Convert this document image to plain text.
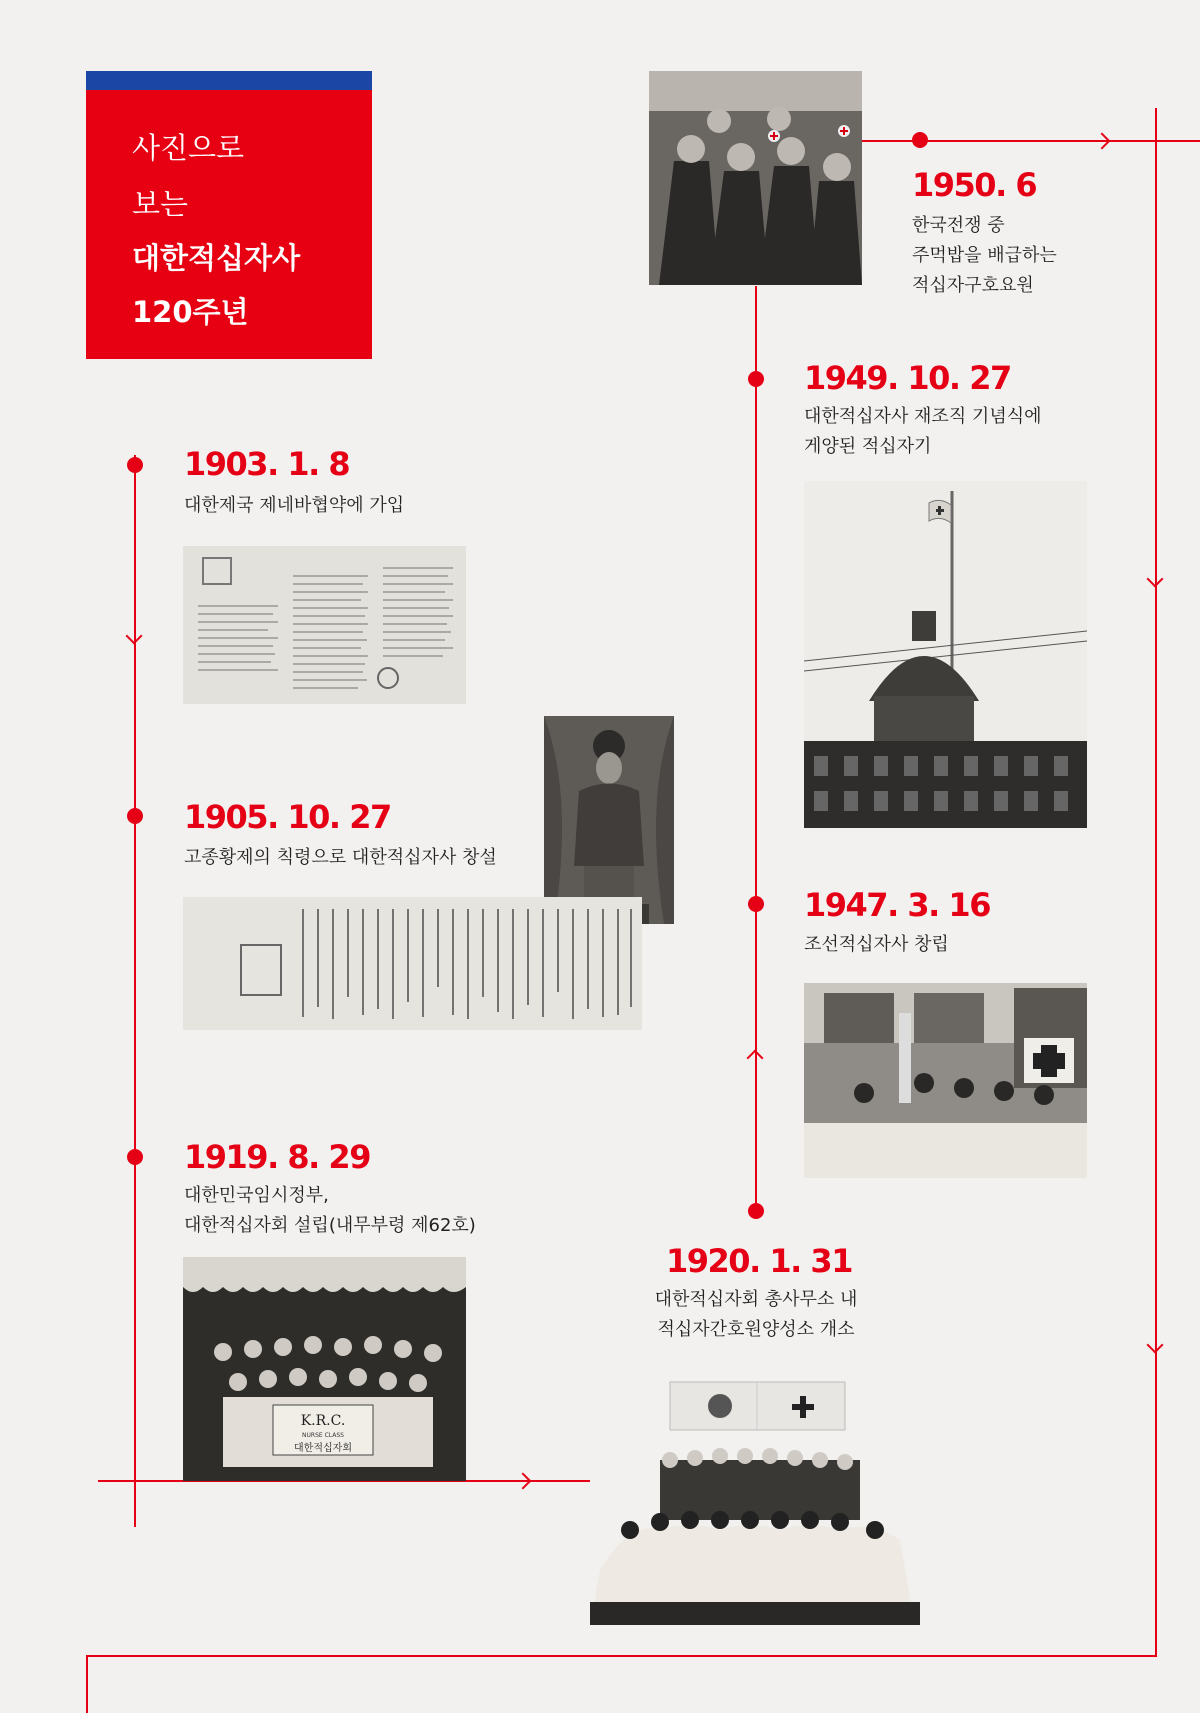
사진으로
보는
대한적십자사
120주년
1903. 1. 8
대한제국 제네바협약에 가입
1905. 10. 27
고종황제의 칙령으로 대한적십자사 창설
1919. 8. 29
대한민국임시정부,
대한적십자회 설립(내무부령 제62호)
K.R.C.
NURSE CLASS
대한적십자회
1920. 1. 31
대한적십자회 총사무소 내
적십자간호원양성소 개소
1947. 3. 16
조선적십자사 창립
1949. 10. 27
대한적십자사 재조직 기념식에
게양된 적십자기
1950. 6
한국전쟁 중
주먹밥을 배급하는
적십자구호요원
